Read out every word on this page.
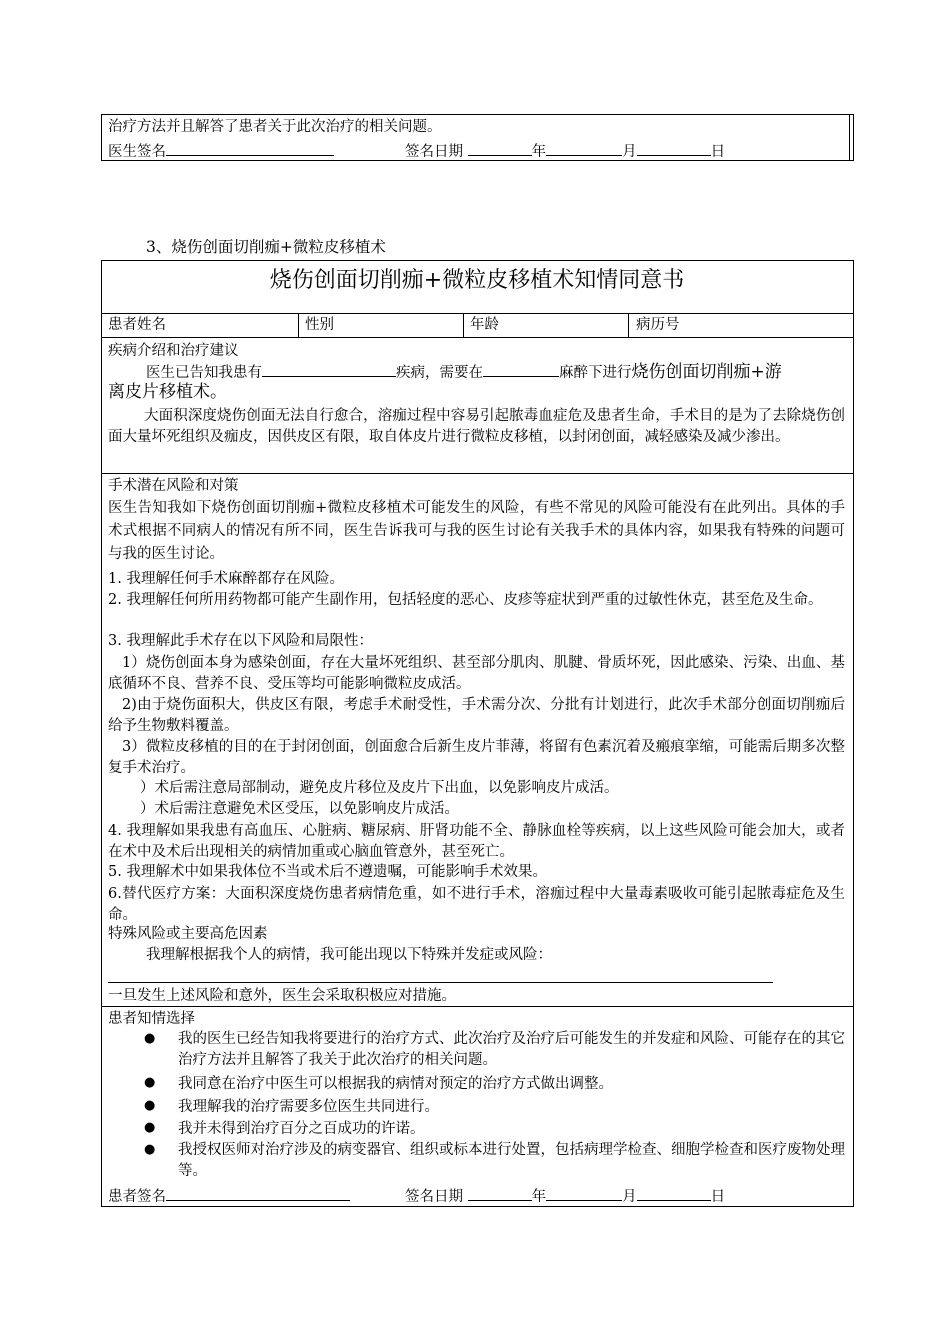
治疗方法并且解答了患者关于此次治疗的相关问题。
医生签名	签名日期	年	月	日
3、烧伤创面切削痂+微粒皮移植术
烧伤创面切削痂+微粒皮移植术知情同意书
患者姓名	性别	年龄	病历号
疾病介绍和治疗建议
医生已告知我患有	疾病，需要在	麻醉下进行烧伤创面切削痂+游
离皮片移植术。
大面积深度烧伤创面无法自行愈合，溶痂过程中容易引起脓毒血症危及患者生命，手术目的是为了去除烧伤创面大量坏死组织及痂皮，因供皮区有限，取自体皮片进行微粒皮移植，以封闭创面，减轻感染及减少渗出。
手术潜在风险和对策
医生告知我如下烧伤创面切削痂+微粒皮移植术可能发生的风险，有些不常见的风险可能没有在此列出。具体的手术式根据不同病人的情况有所不同，医生告诉我可与我的医生讨论有关我手术的具体内容，如果我有特殊的问题可与我的医生讨论。
1. 我理解任何手术麻醉都存在风险。
2. 我理解任何所用药物都可能产生副作用，包括轻度的恶心、皮疹等症状到严重的过敏性休克，甚至危及生命。
3. 我理解此手术存在以下风险和局限性：
1）烧伤创面本身为感染创面，存在大量坏死组织、甚至部分肌肉、肌腱、骨质坏死，因此感染、污染、出血、基底循环不良、营养不良、受压等均可能影响微粒皮成活。
2)由于烧伤面积大，供皮区有限，考虑手术耐受性，手术需分次、分批有计划进行，此次手术部分创面切削痂后给予生物敷料覆盖。
3）微粒皮移植的目的在于封闭创面，创面愈合后新生皮片菲薄，将留有色素沉着及瘢痕挛缩，可能需后期多次整复手术治疗。
）术后需注意局部制动，避免皮片移位及皮片下出血，以免影响皮片成活。
）术后需注意避免术区受压，以免影响皮片成活。
4. 我理解如果我患有高血压、心脏病、糖尿病、肝肾功能不全、静脉血栓等疾病，以上这些风险可能会加大，或者在术中及术后出现相关的病情加重或心脑血管意外，甚至死亡。
5. 我理解术中如果我体位不当或术后不遵遗嘱，可能影响手术效果。
6.替代医疗方案：大面积深度烧伤患者病情危重，如不进行手术，溶痂过程中大量毒素吸收可能引起脓毒症危及生命。
特殊风险或主要高危因素
我理解根据我个人的病情，我可能出现以下特殊并发症或风险：
一旦发生上述风险和意外，医生会采取积极应对措施。
患者知情选择
● 我的医生已经告知我将要进行的治疗方式、此次治疗及治疗后可能发生的并发症和风险、可能存在的其它治疗方法并且解答了我关于此次治疗的相关问题。
● 我同意在治疗中医生可以根据我的病情对预定的治疗方式做出调整。
● 我理解我的治疗需要多位医生共同进行。
● 我并未得到治疗百分之百成功的许诺。
● 我授权医师对治疗涉及的病变器官、组织或标本进行处置，包括病理学检查、细胞学检查和医疗废物处理等。
患者签名	签名日期	年	月	日
